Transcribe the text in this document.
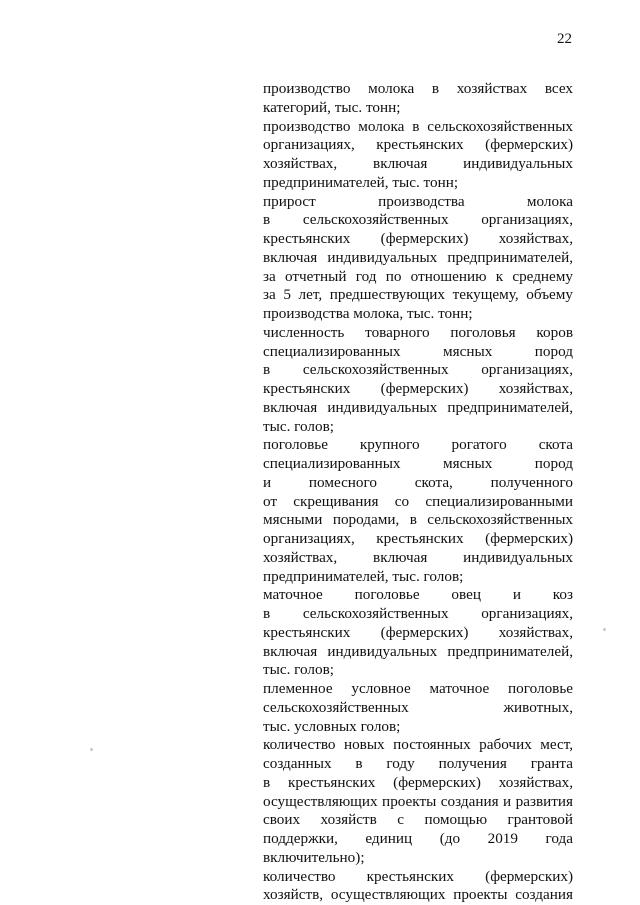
22
производство молока в хозяйствах всех
категорий, тыс. тонн;
производство молока в сельскохозяйственных
организациях, крестьянских (фермерских)
хозяйствах, включая индивидуальных
предпринимателей, тыс. тонн;
прирост производства молока
в сельскохозяйственных организациях,
крестьянских (фермерских) хозяйствах,
включая индивидуальных предпринимателей,
за отчетный год по отношению к среднему
за 5 лет, предшествующих текущему, объему
производства молока, тыс. тонн;
численность товарного поголовья коров
специализированных мясных пород
в сельскохозяйственных организациях,
крестьянских (фермерских) хозяйствах,
включая индивидуальных предпринимателей,
тыс. голов;
поголовье крупного рогатого скота
специализированных мясных пород
и помесного скота, полученного
от скрещивания со специализированными
мясными породами, в сельскохозяйственных
организациях, крестьянских (фермерских)
хозяйствах, включая индивидуальных
предпринимателей, тыс. голов;
маточное поголовье овец и коз
в сельскохозяйственных организациях,
крестьянских (фермерских) хозяйствах,
включая индивидуальных предпринимателей,
тыс. голов;
племенное условное маточное поголовье
сельскохозяйственных животных,
тыс. условных голов;
количество новых постоянных рабочих мест,
созданных в году получения гранта
в крестьянских (фермерских) хозяйствах,
осуществляющих проекты создания и развития
своих хозяйств с помощью грантовой
поддержки, единиц (до 2019 года
включительно);
количество крестьянских (фермерских)
хозяйств, осуществляющих проекты создания
